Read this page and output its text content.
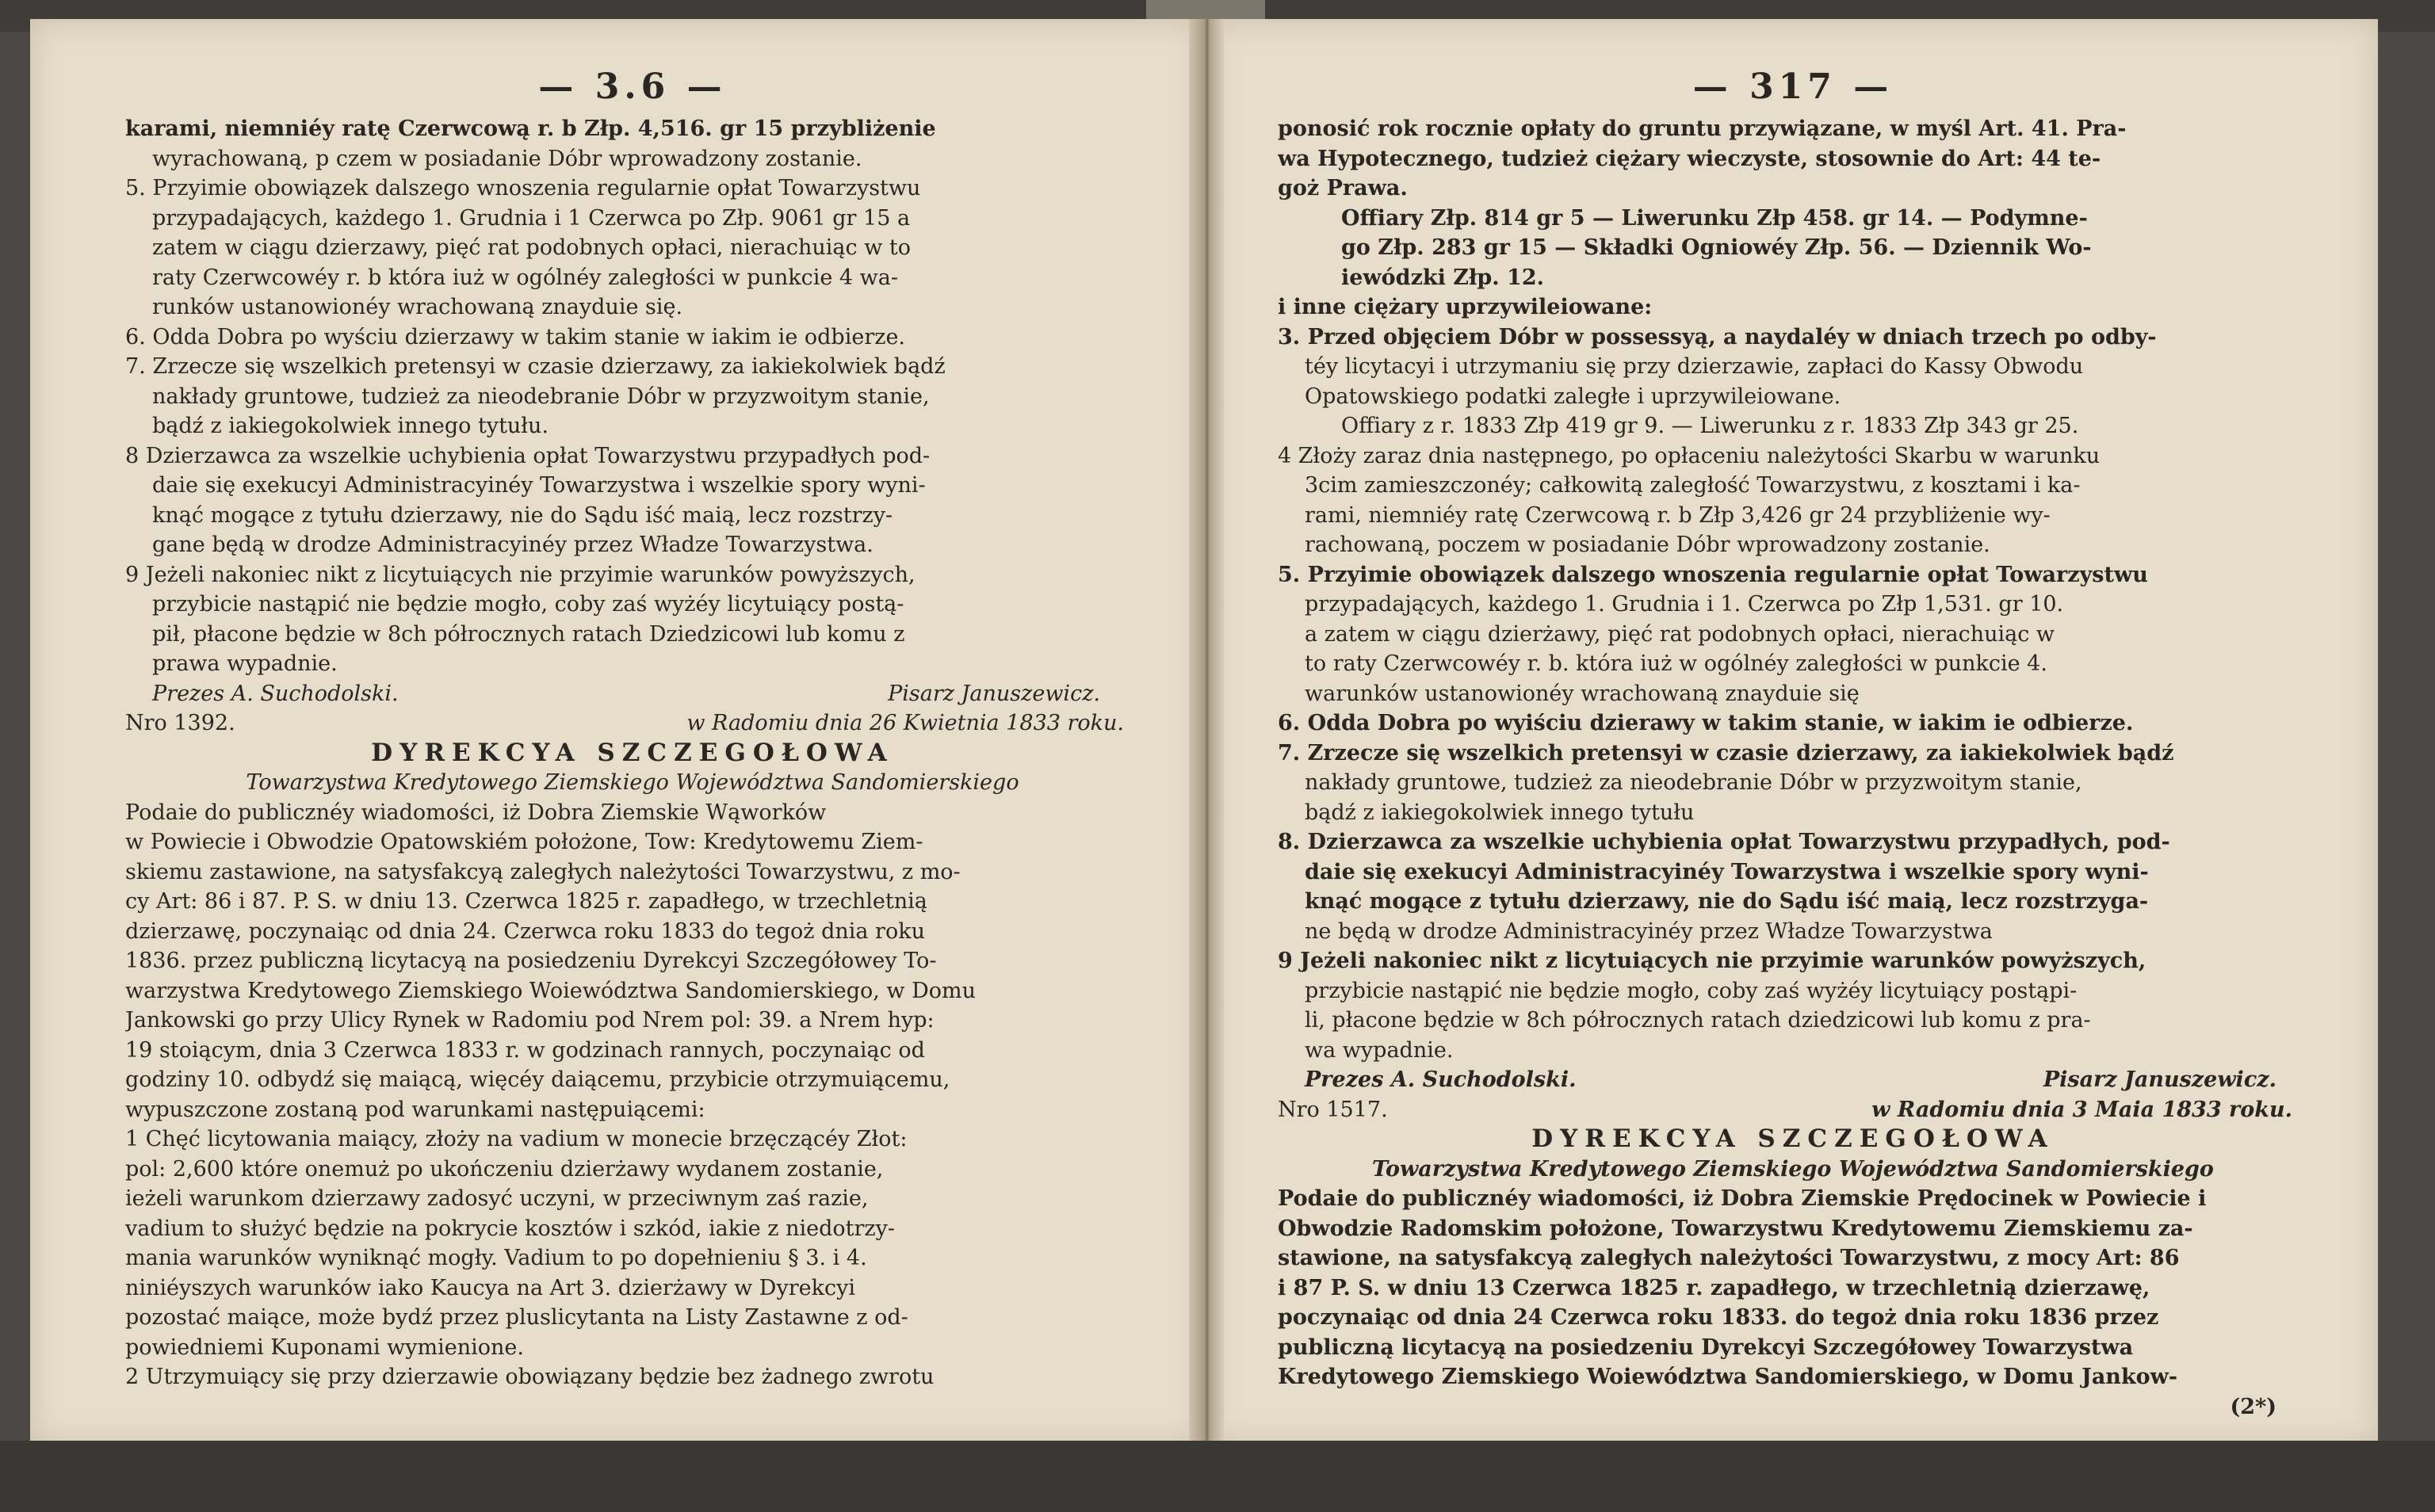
— 3.6 —
karami, niemniéy ratę Czerwcową r. b Złp. 4,516. gr 15 przybliżenie
wyrachowaną, p czem w posiadanie Dóbr wprowadzony zostanie.
5. Przyimie obowiązek dalszego wnoszenia regularnie opłat Towarzystwu
przypadających, każdego 1. Grudnia i 1 Czerwca po Złp. 9061 gr 15 a
zatem w ciągu dzierzawy, pięć rat podobnych opłaci, nierachuiąc w to
raty Czerwcowéy r. b która iuż w ogólnéy zaległości w punkcie 4 wa-
runków ustanowionéy wrachowaną znayduie się.
6. Odda Dobra po wyściu dzierzawy w takim stanie w iakim ie odbierze.
7. Zrzecze się wszelkich pretensyi w czasie dzierzawy, za iakiekolwiek bądź
nakłady gruntowe, tudzież za nieodebranie Dóbr w przyzwoitym stanie,
bądź z iakiegokolwiek innego tytułu.
8 Dzierzawca za wszelkie uchybienia opłat Towarzystwu przypadłych pod-
daie się exekucyi Administracyinéy Towarzystwa i wszelkie spory wyni-
knąć mogące z tytułu dzierzawy, nie do Sądu iść maią, lecz rozstrzy-
gane będą w drodze Administracyinéy przez Władze Towarzystwa.
9 Jeżeli nakoniec nikt z licytuiących nie przyimie warunków powyższych,
przybicie nastąpić nie będzie mogło, coby zaś wyżéy licytuiący postą-
pił, płacone będzie w 8ch półrocznych ratach Dziedzicowi lub komu z
prawa wypadnie.
Prezes A. Suchodolski.	Pisarz Januszewicz.
Nro 1392.	w Radomiu dnia 26 Kwietnia 1833 roku.
DYREKCYA SZCZEGOŁOWA
Towarzystwa Kredytowego Ziemskiego Województwa Sandomierskiego
Podaie do publicznéy wiadomości, iż Dobra Ziemskie Wąworków
w Powiecie i Obwodzie Opatowskiém położone, Tow: Kredytowemu Ziem-
skiemu zastawione, na satysfakcyą zaległych należytości Towarzystwu, z mo-
cy Art: 86 i 87. P. S. w dniu 13. Czerwca 1825 r. zapadłego, w trzechletnią
dzierzawę, poczynaiąc od dnia 24. Czerwca roku 1833 do tegoż dnia roku
1836. przez publiczną licytacyą na posiedzeniu Dyrekcyi Szczegółowey To-
warzystwa Kredytowego Ziemskiego Woiewództwa Sandomierskiego, w Domu
Jankowski go przy Ulicy Rynek w Radomiu pod Nrem pol: 39. a Nrem hyp:
19 stoiącym, dnia 3 Czerwca 1833 r. w godzinach rannych, poczynaiąc od
godziny 10. odbydź się maiącą, więcéy daiącemu, przybicie otrzymuiącemu,
wypuszczone zostaną pod warunkami następuiącemi:
1 Chęć licytowania maiący, złoży na vadium w monecie brzęczącéy Złot:
pol: 2,600 które onemuż po ukończeniu dzierżawy wydanem zostanie,
ieżeli warunkom dzierzawy zadosyć uczyni, w przeciwnym zaś razie,
vadium to służyć będzie na pokrycie kosztów i szkód, iakie z niedotrzy-
mania warunków wyniknąć mogły. Vadium to po dopełnieniu § 3. i 4.
niniéyszych warunków iako Kaucya na Art 3. dzierżawy w Dyrekcyi
pozostać maiące, może bydź przez pluslicytanta na Listy Zastawne z od-
powiedniemi Kuponami wymienione.
2 Utrzymuiący się przy dzierzawie obowiązany będzie bez żadnego zwrotu
— 317 —
ponosić rok rocznie opłaty do gruntu przywiązane, w myśl Art. 41. Pra-
wa Hypotecznego, tudzież ciężary wieczyste, stosownie do Art: 44 te-
goż Prawa.
Offiary Złp. 814 gr 5 — Liwerunku Złp 458. gr 14. — Podymne-
go Złp. 283 gr 15 — Składki Ogniowéy Złp. 56. — Dziennik Wo-
iewódzki Złp. 12.
i inne ciężary uprzywileiowane:
3. Przed objęciem Dóbr w possessyą, a naydaléy w dniach trzech po odby-
téy licytacyi i utrzymaniu się przy dzierzawie, zapłaci do Kassy Obwodu
Opatowskiego podatki zaległe i uprzywileiowane.
Offiary z r. 1833 Złp 419 gr 9. — Liwerunku z r. 1833 Złp 343 gr 25.
4 Złoży zaraz dnia następnego, po opłaceniu należytości Skarbu w warunku
3cim zamieszczonéy; całkowitą zaległość Towarzystwu, z kosztami i ka-
rami, niemniéy ratę Czerwcową r. b Złp 3,426 gr 24 przybliżenie wy-
rachowaną, poczem w posiadanie Dóbr wprowadzony zostanie.
5. Przyimie obowiązek dalszego wnoszenia regularnie opłat Towarzystwu
przypadających, każdego 1. Grudnia i 1. Czerwca po Złp 1,531. gr 10.
a zatem w ciągu dzierżawy, pięć rat podobnych opłaci, nierachuiąc w
to raty Czerwcowéy r. b. która iuż w ogólnéy zaległości w punkcie 4.
warunków ustanowionéy wrachowaną znayduie się
6. Odda Dobra po wyiściu dzierawy w takim stanie, w iakim ie odbierze.
7. Zrzecze się wszelkich pretensyi w czasie dzierzawy, za iakiekolwiek bądź
nakłady gruntowe, tudzież za nieodebranie Dóbr w przyzwoitym stanie,
bądź z iakiegokolwiek innego tytułu
8. Dzierzawca za wszelkie uchybienia opłat Towarzystwu przypadłych, pod-
daie się exekucyi Administracyinéy Towarzystwa i wszelkie spory wyni-
knąć mogące z tytułu dzierzawy, nie do Sądu iść maią, lecz rozstrzyga-
ne będą w drodze Administracyinéy przez Władze Towarzystwa
9 Jeżeli nakoniec nikt z licytuiących nie przyimie warunków powyższych,
przybicie nastąpić nie będzie mogło, coby zaś wyżéy licytuiący postąpi-
li, płacone będzie w 8ch półrocznych ratach dziedzicowi lub komu z pra-
wa wypadnie.
Prezes A. Suchodolski.	Pisarz Januszewicz.
Nro 1517.	w Radomiu dnia 3 Maia 1833 roku.
DYREKCYA SZCZEGOŁOWA
Towarzystwa Kredytowego Ziemskiego Województwa Sandomierskiego
Podaie do publicznéy wiadomości, iż Dobra Ziemskie Prędocinek w Powiecie i
Obwodzie Radomskim położone, Towarzystwu Kredytowemu Ziemskiemu za-
stawione, na satysfakcyą zaległych należytości Towarzystwu, z mocy Art: 86
i 87 P. S. w dniu 13 Czerwca 1825 r. zapadłego, w trzechletnią dzierzawę,
poczynaiąc od dnia 24 Czerwca roku 1833. do tegoż dnia roku 1836 przez
publiczną licytacyą na posiedzeniu Dyrekcyi Szczegółowey Towarzystwa
Kredytowego Ziemskiego Woiewództwa Sandomierskiego, w Domu Jankow-
(2*)
